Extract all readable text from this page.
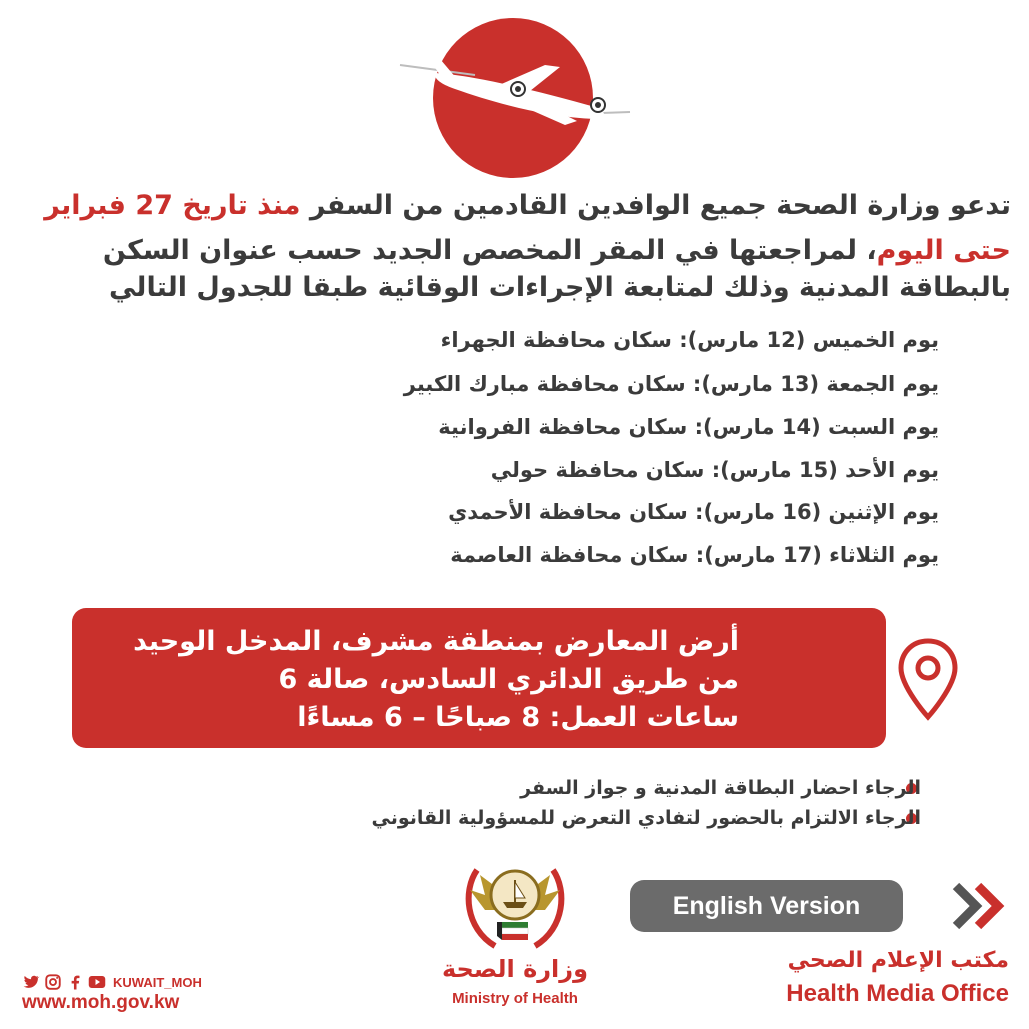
تدعو وزارة الصحة جميع الوافدين القادمين من السفر منذ تاريخ 27 فبراير
حتى اليوم، لمراجعتها في المقر المخصص الجديد حسب عنوان السكن
بالبطاقة المدنية وذلك لمتابعة الإجراءات الوقائية طبقا للجدول التالي
يوم الخميس (12 مارس): سكان محافظة الجهراء
يوم الجمعة (13 مارس): سكان محافظة مبارك الكبير
يوم السبت (14 مارس): سكان محافظة الفروانية
يوم الأحد (15 مارس): سكان محافظة حولي
يوم الإثنين (16 مارس): سكان محافظة الأحمدي
يوم الثلاثاء (17 مارس): سكان محافظة العاصمة
أرض المعارض بمنطقة مشرف، المدخل الوحيد
من طريق الدائري السادس، صالة 6
ساعات العمل: 8 صباحًا – 6 مساءًا
الرجاء احضار البطاقة المدنية و جواز السفر
الرجاء الالتزام بالحضور لتفادي التعرض للمسؤولية القانوني
English Version
مكتب الإعلام الصحي
Health Media Office
وزارة الصحة
Ministry of Health
KUWAIT_MOH
www.moh.gov.kw
